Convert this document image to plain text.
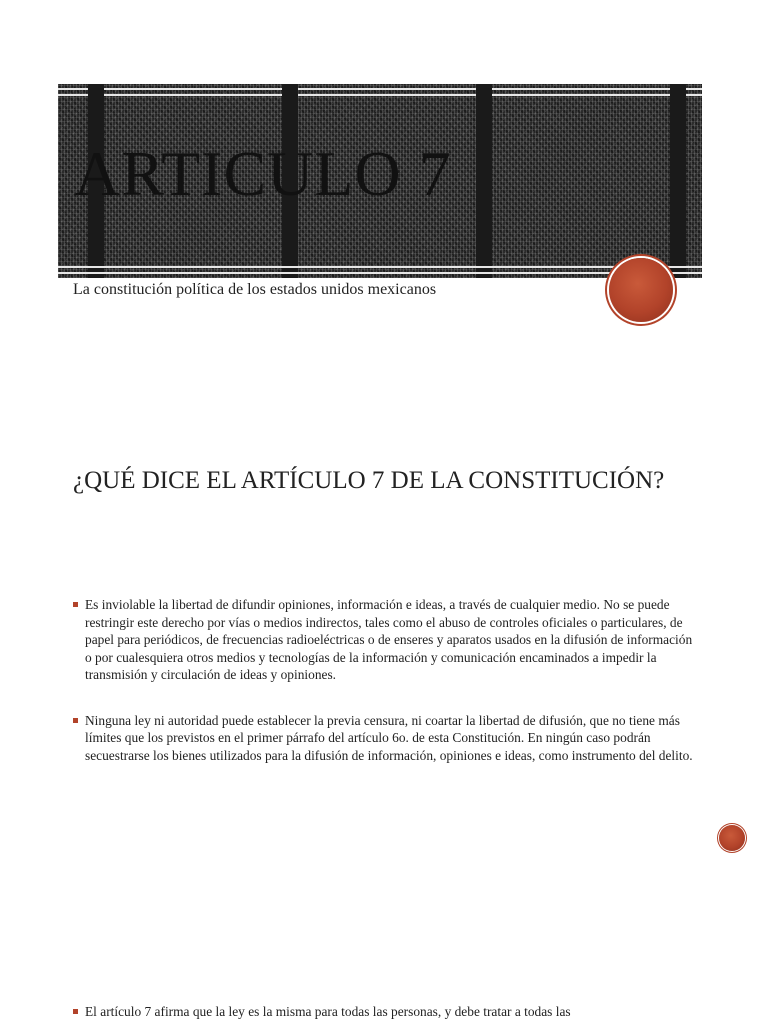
ARTICULO 7
La constitución política de los estados unidos mexicanos
¿QUÉ DICE EL ARTÍCULO 7 DE LA CONSTITUCIÓN?
Es inviolable la libertad de difundir opiniones, información e ideas, a través de cualquier medio. No se puede restringir este derecho por vías o medios indirectos, tales como el abuso de controles oficiales o particulares, de papel para periódicos, de frecuencias radioeléctricas o de enseres y aparatos usados en la difusión de información o por cualesquiera otros medios y tecnologías de la información y comunicación encaminados a impedir la transmisión y circulación de ideas y opiniones.
Ninguna ley ni autoridad puede establecer la previa censura, ni coartar la libertad de difusión, que no tiene más límites que los previstos en el primer párrafo del artículo 6o. de esta Constitución. En ningún caso podrán secuestrarse los bienes utilizados para la difusión de información, opiniones e ideas, como instrumento del delito.
El artículo 7 afirma que la ley es la misma para todas las personas, y debe tratar a todas las
